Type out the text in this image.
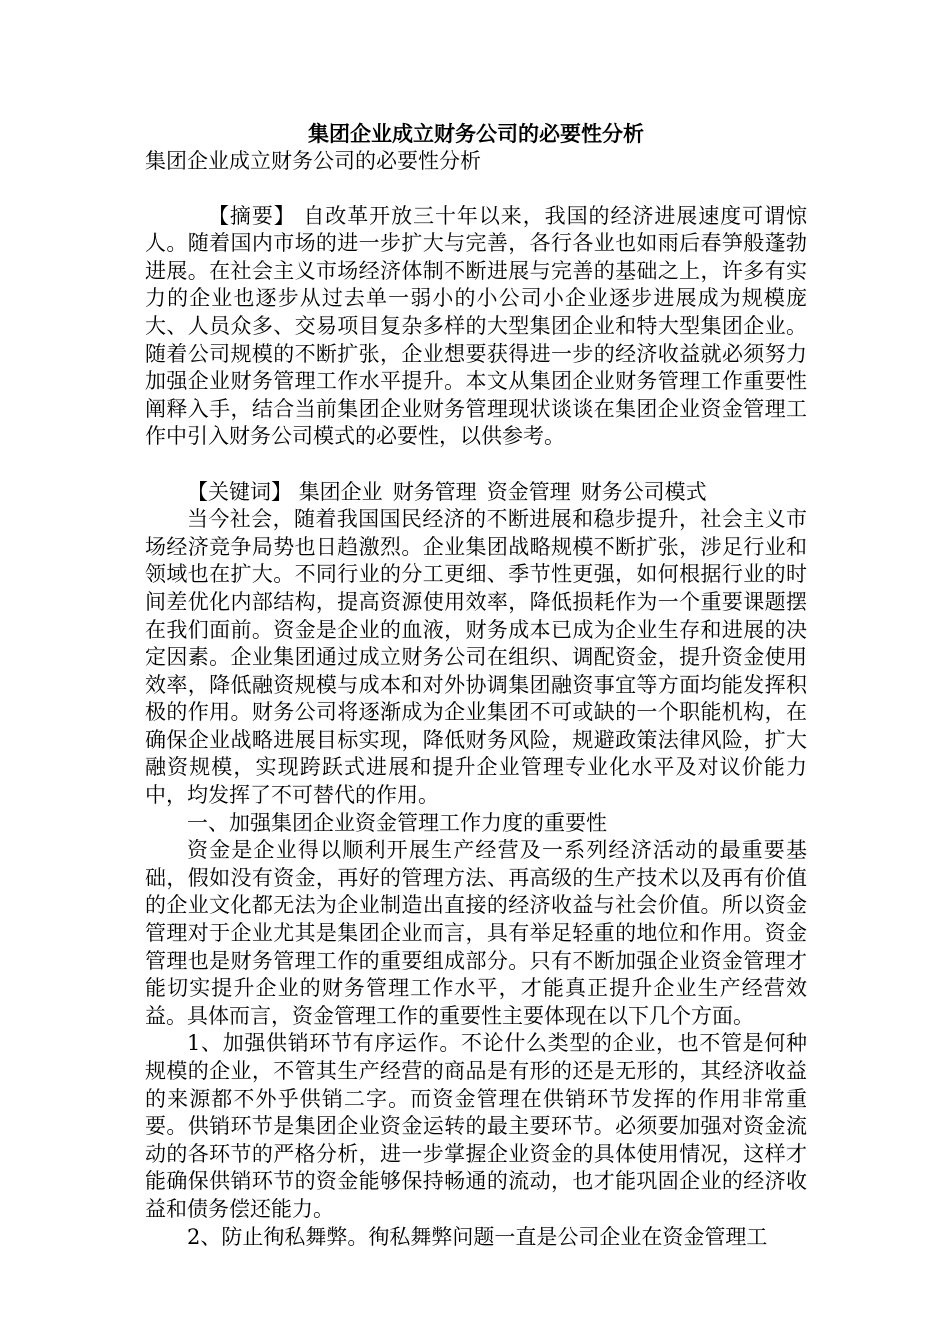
集团企业成立财务公司的必要性分析

集团企业成立财务公司的必要性分析

【摘要】 自改革开放三十年以来，我国的经济进展速度可谓惊人。随着国内市场的进一步扩大与完善，各行各业也如雨后春笋般蓬勃进展。在社会主义市场经济体制不断进展与完善的基础之上，许多有实力的企业也逐步从过去单一弱小的小公司小企业逐步进展成为规模庞大、人员众多、交易项目复杂多样的大型集团企业和特大型集团企业。随着公司规模的不断扩张，企业想要获得进一步的经济收益就必须努力加强企业财务管理工作水平提升。本文从集团企业财务管理工作重要性阐释入手，结合当前集团企业财务管理现状谈谈在集团企业资金管理工作中引入财务公司模式的必要性，以供参考。

【关键词】 集团企业 财务管理 资金管理 财务公司模式

当今社会，随着我国国民经济的不断进展和稳步提升，社会主义市场经济竞争局势也日趋激烈。企业集团战略规模不断扩张，涉足行业和领域也在扩大。不同行业的分工更细、季节性更强，如何根据行业的时间差优化内部结构，提高资源使用效率，降低损耗作为一个重要课题摆在我们面前。资金是企业的血液，财务成本已成为企业生存和进展的决定因素。企业集团通过成立财务公司在组织、调配资金，提升资金使用效率，降低融资规模与成本和对外协调集团融资事宜等方面均能发挥积极的作用。财务公司将逐渐成为企业集团不可或缺的一个职能机构，在确保企业战略进展目标实现，降低财务风险，规避政策法律风险，扩大融资规模，实现跨跃式进展和提升企业管理专业化水平及对议价能力中，均发挥了不可替代的作用。

一、加强集团企业资金管理工作力度的重要性

资金是企业得以顺利开展生产经营及一系列经济活动的最重要基础，假如没有资金，再好的管理方法、再高级的生产技术以及再有价值的企业文化都无法为企业制造出直接的经济收益与社会价值。所以资金管理对于企业尤其是集团企业而言，具有举足轻重的地位和作用。资金管理也是财务管理工作的重要组成部分。只有不断加强企业资金管理才能切实提升企业的财务管理工作水平，才能真正提升企业生产经营效益。具体而言，资金管理工作的重要性主要体现在以下几个方面。

1、加强供销环节有序运作。不论什么类型的企业，也不管是何种规模的企业，不管其生产经营的商品是有形的还是无形的，其经济收益的来源都不外乎供销二字。而资金管理在供销环节发挥的作用非常重要。供销环节是集团企业资金运转的最主要环节。必须要加强对资金流动的各环节的严格分析，进一步掌握企业资金的具体使用情况，这样才能确保供销环节的资金能够保持畅通的流动，也才能巩固企业的经济收益和债务偿还能力。

2、防止徇私舞弊。徇私舞弊问题一直是公司企业在资金管理工
